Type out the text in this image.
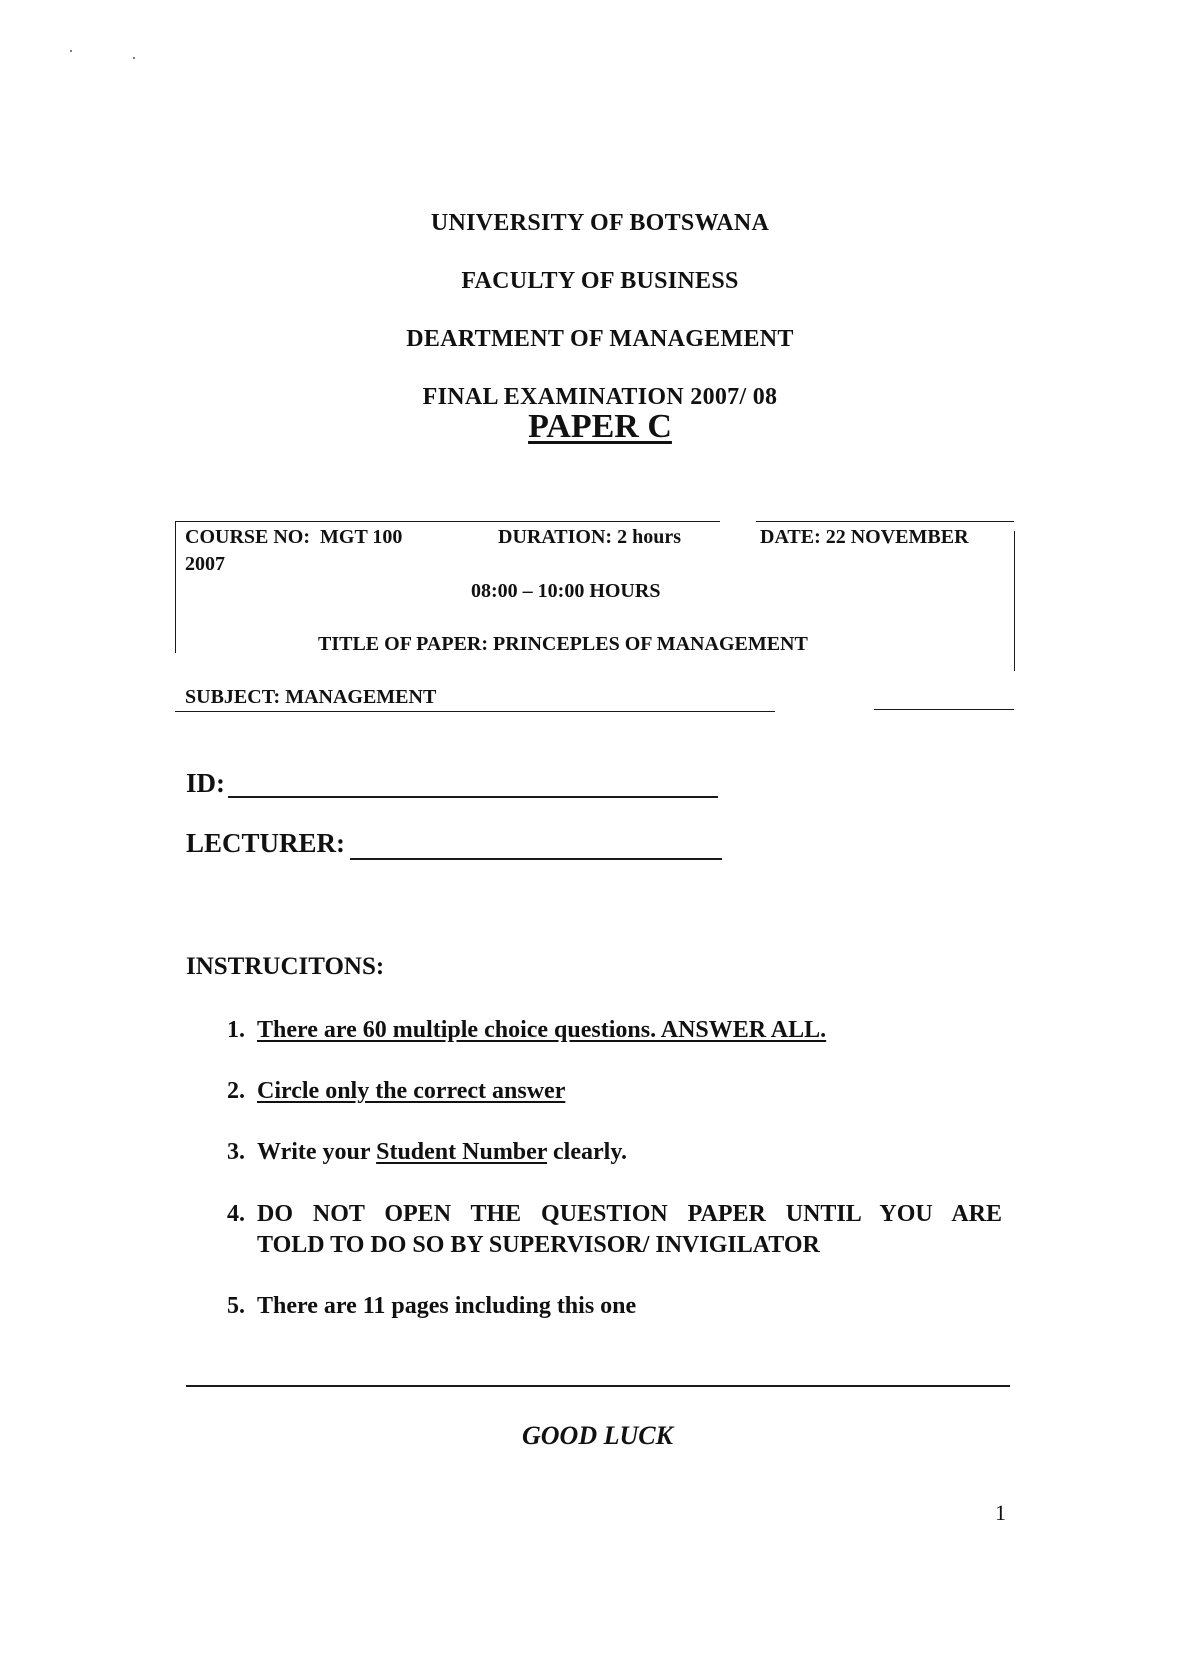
UNIVERSITY OF BOTSWANA
FACULTY OF BUSINESS
DEARTMENT OF MANAGEMENT
FINAL EXAMINATION 2007/ 08
PAPER C
COURSE NO:  MGT 100	DURATION: 2 hours	DATE: 22 NOVEMBER
2007
08:00 – 10:00 HOURS
TITLE OF PAPER: PRINCEPLES OF MANAGEMENT
SUBJECT: MANAGEMENT
ID:
LECTURER:
INSTRUCITONS:
1. There are 60 multiple choice questions. ANSWER ALL.
2. Circle only the correct answer
3. Write your Student Number clearly.
4. DO NOT OPEN THE QUESTION PAPER UNTIL YOU ARE
TOLD TO DO SO BY SUPERVISOR/ INVIGILATOR
5. There are 11 pages including this one
GOOD LUCK
1
